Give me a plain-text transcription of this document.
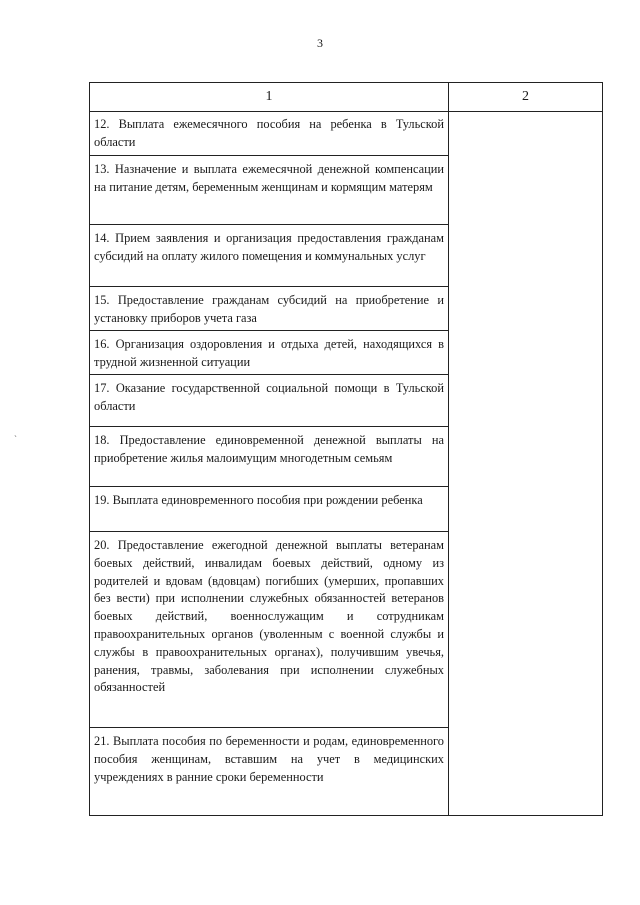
3
ˋ
1	2
12. Выплата ежемесячного пособия на ребенка в Тульской области
13. Назначение и выплата ежемесячной денежной компенсации на питание детям, беременным женщинам и кормящим матерям
14. Прием заявления и организация предоставления гражданам субсидий на оплату жилого помещения и коммунальных услуг
15. Предоставление гражданам субсидий на приобретение и установку приборов учета газа
16. Организация оздоровления и отдыха детей, находящихся в трудной жизненной ситуации
17. Оказание государственной социальной помощи в Тульской области
18. Предоставление единовременной денежной выплаты на приобретение жилья малоимущим многодетным семьям
19. Выплата единовременного пособия при рождении ребенка
20. Предоставление ежегодной денежной выплаты ветеранам боевых действий, инвалидам боевых действий, одному из родителей и вдовам (вдовцам) погибших (умерших, пропавших без вести) при исполнении служебных обязанностей ветеранов боевых действий, военнослужащим и сотрудникам правоохранительных органов (уволенным с военной службы и службы в правоохранительных органах), получившим увечья, ранения, травмы, заболевания при исполнении служебных обязанностей
21. Выплата пособия по беременности и родам, единовременного пособия женщинам, вставшим на учет в медицинских учреждениях в ранние сроки беременности
